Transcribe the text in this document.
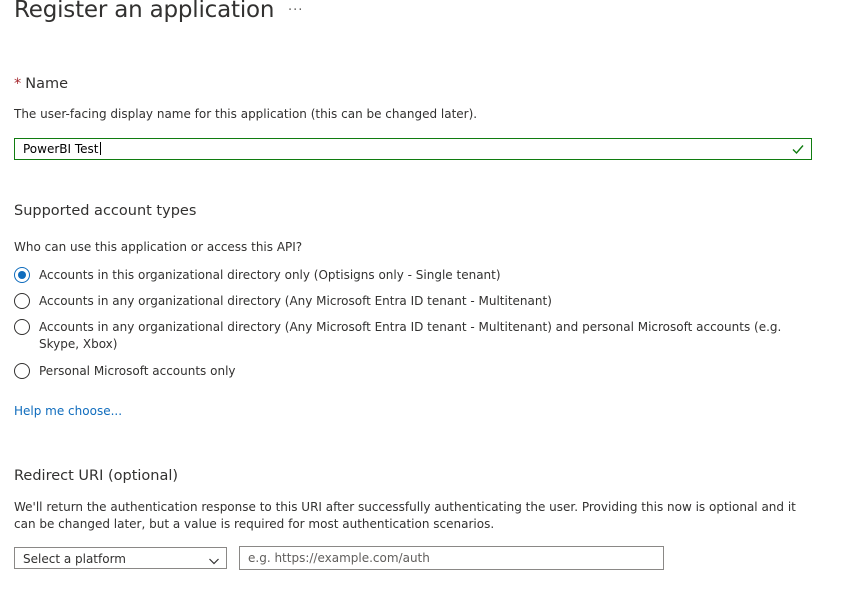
Register an application ···
* Name
The user-facing display name for this application (this can be changed later).
PowerBI Test
Supported account types
Who can use this application or access this API?
Accounts in this organizational directory only (Optisigns only - Single tenant)
Accounts in any organizational directory (Any Microsoft Entra ID tenant - Multitenant)
Accounts in any organizational directory (Any Microsoft Entra ID tenant - Multitenant) and personal Microsoft accounts (e.g. Skype, Xbox)
Personal Microsoft accounts only
Help me choose...
Redirect URI (optional)
We'll return the authentication response to this URI after successfully authenticating the user. Providing this now is optional and it can be changed later, but a value is required for most authentication scenarios.
Select a platform
e.g. https://example.com/auth
